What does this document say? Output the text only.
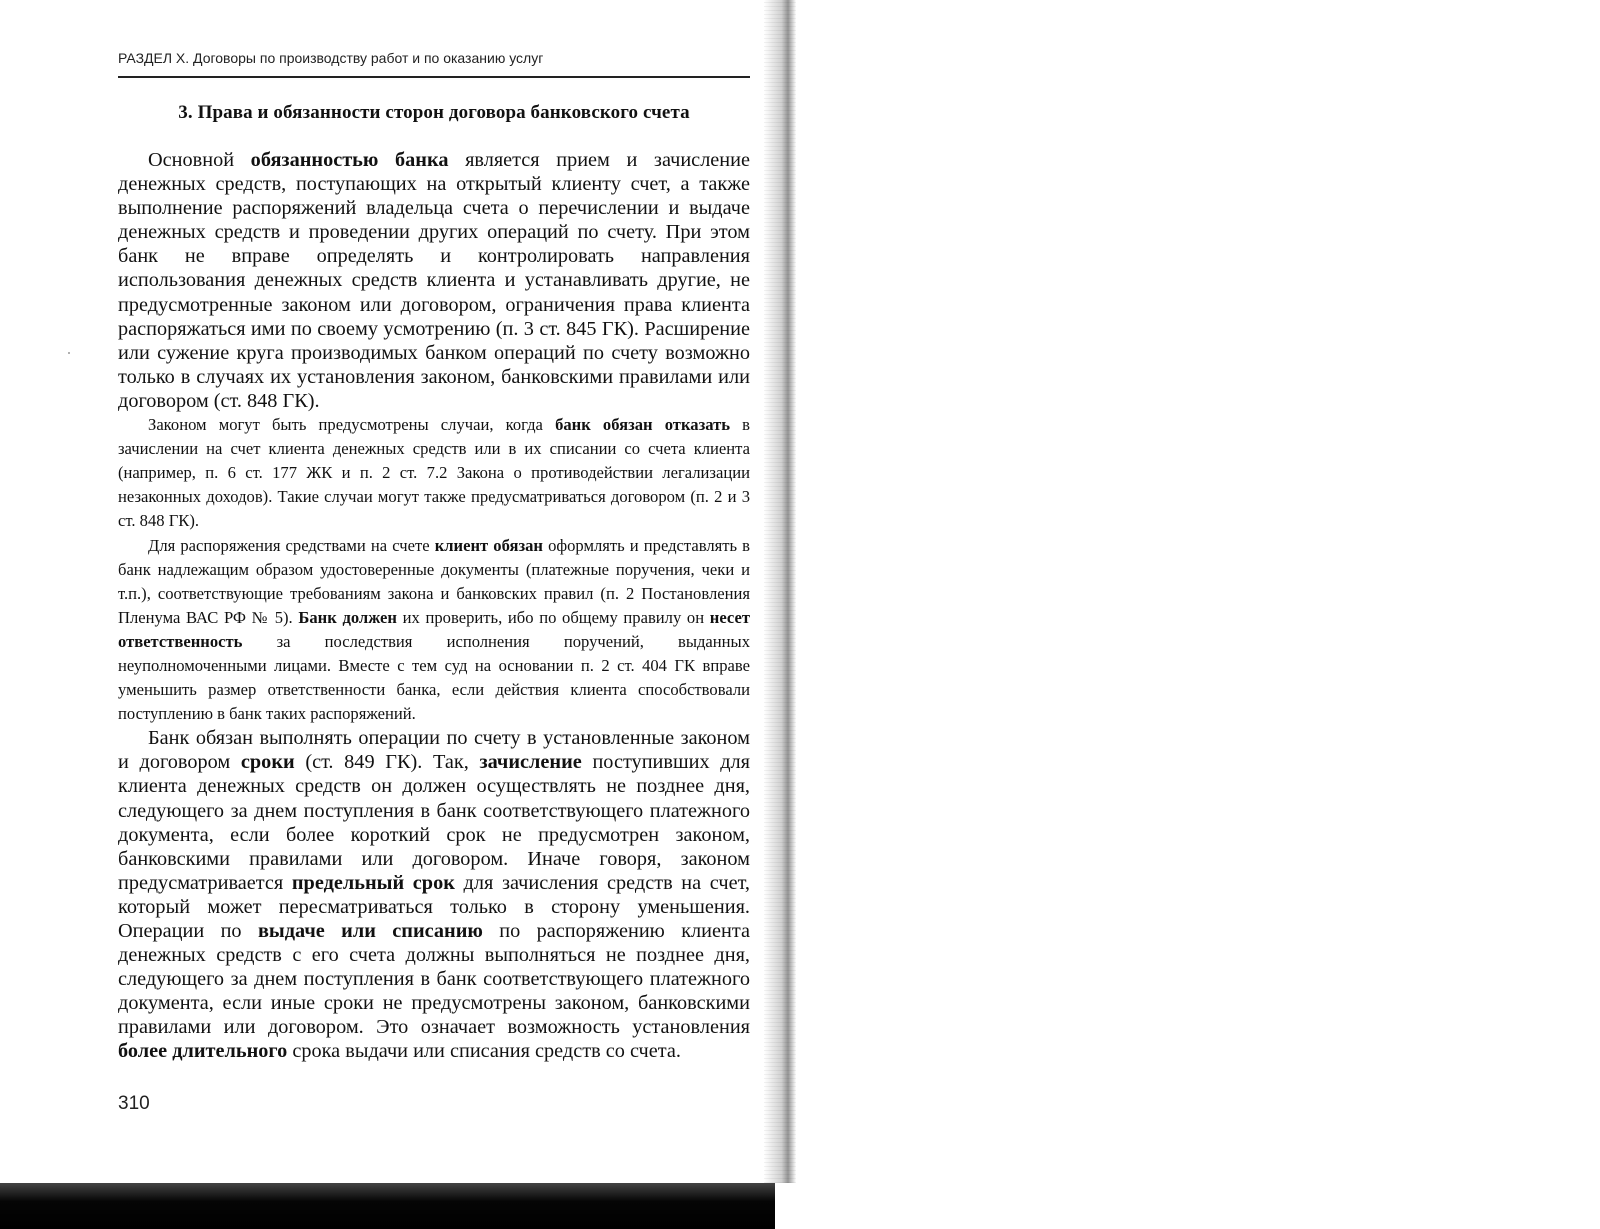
РАЗДЕЛ X. Договоры по производству работ и по оказанию услуг
3. Права и обязанности сторон договора банковского счета

Основной обязанностью банка является прием и зачисление денежных средств, поступающих на открытый клиенту счет, а также выполнение распоряжений владельца счета о перечислении и выдаче денежных средств и проведении других операций по счету. При этом банк не вправе определять и контролировать направления использования денежных средств клиента и устанавливать другие, не предусмотренные законом или договором, ограничения права клиента распоряжаться ими по своему усмотрению (п. 3 ст. 845 ГК). Расширение или сужение круга производимых банком операций по счету возможно только в случаях их установления законом, банковскими правилами или договором (ст. 848 ГК).

Законом могут быть предусмотрены случаи, когда банк обязан отказать в зачислении на счет клиента денежных средств или в их списании со счета клиента (например, п. 6 ст. 177 ЖК и п. 2 ст. 7.2 Закона о противодействии легализации незаконных доходов). Такие случаи могут также предусматриваться договором (п. 2 и 3 ст. 848 ГК).

Для распоряжения средствами на счете клиент обязан оформлять и представлять в банк надлежащим образом удостоверенные документы (платежные поручения, чеки и т.п.), соответствующие требованиям закона и банковских правил (п. 2 Постановления Пленума ВАС РФ № 5). Банк должен их проверить, ибо по общему правилу он несет ответственность за последствия исполнения поручений, выданных неуполномоченными лицами. Вместе с тем суд на основании п. 2 ст. 404 ГК вправе уменьшить размер ответственности банка, если действия клиента способствовали поступлению в банк таких распоряжений.

Банк обязан выполнять операции по счету в установленные законом и договором сроки (ст. 849 ГК). Так, зачисление поступивших для клиента денежных средств он должен осуществлять не позднее дня, следующего за днем поступления в банк соответствующего платежного документа, если более короткий срок не предусмотрен законом, банковскими правилами или договором. Иначе говоря, законом предусматривается предельный срок для зачисления средств на счет, который может пересматриваться только в сторону уменьшения. Операции по выдаче или списанию по распоряжению клиента денежных средств с его счета должны выполняться не позднее дня, следующего за днем поступления в банк соответствующего платежного документа, если иные сроки не предусмотрены законом, банковскими правилами или договором. Это означает возможность установления более длительного срока выдачи или списания средств со счета.

310
